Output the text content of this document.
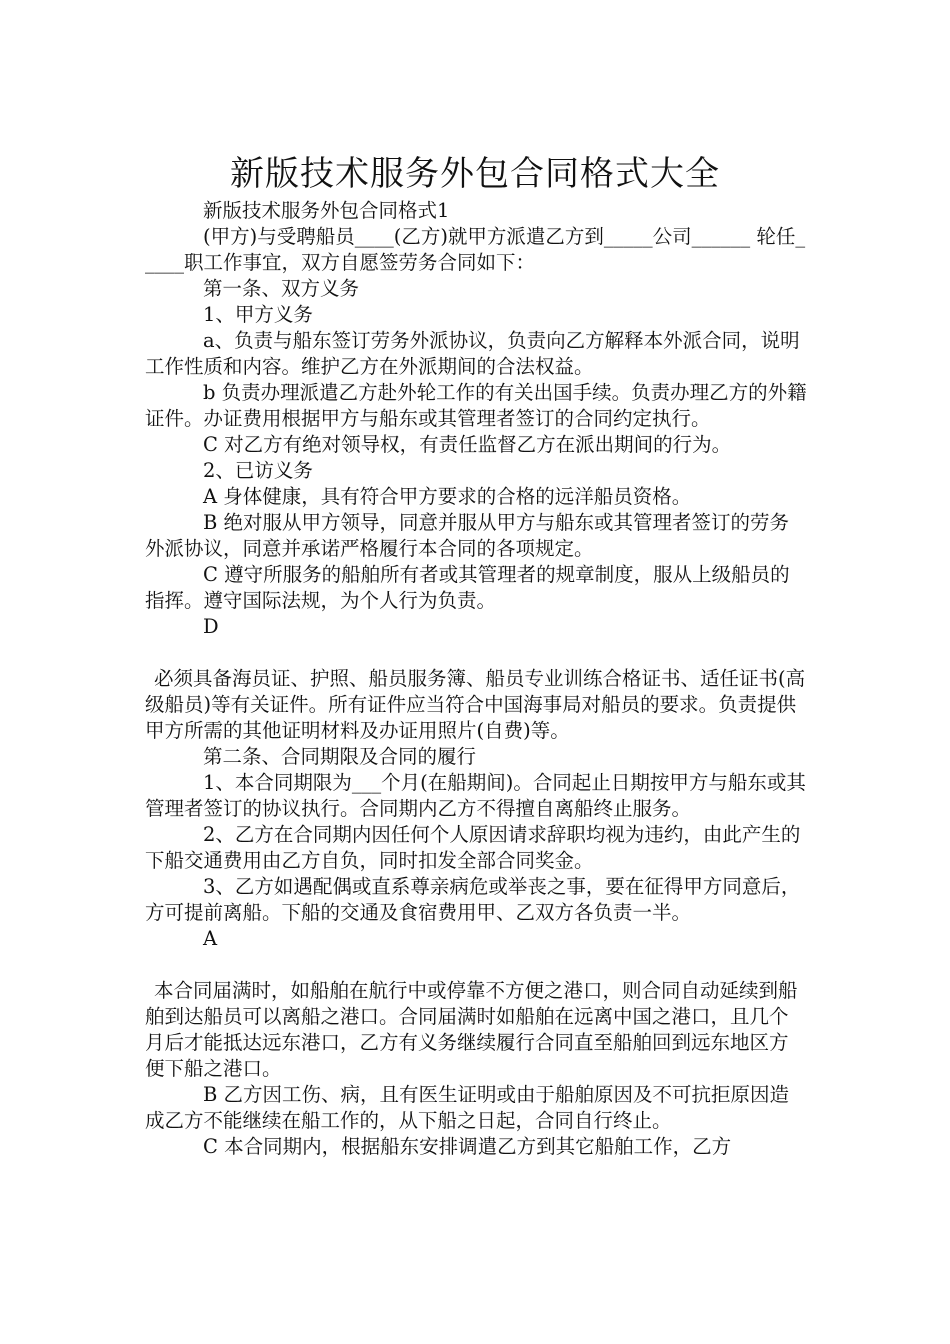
新版技术服务外包合同格式大全

新版技术服务外包合同格式1

(甲方)与受聘船员____(乙方)就甲方派遣乙方到_____公司______ 轮任_____职工作事宜，双方自愿签劳务合同如下：

第一条、双方义务

1、甲方义务

a、负责与船东签订劳务外派协议，负责向乙方解释本外派合同，说明工作性质和内容。维护乙方在外派期间的合法权益。

b 负责办理派遣乙方赴外轮工作的有关出国手续。负责办理乙方的外籍证件。办证费用根据甲方与船东或其管理者签订的合同约定执行。

C 对乙方有绝对领导权，有责任监督乙方在派出期间的行为。

2、已访义务

A 身体健康，具有符合甲方要求的合格的远洋船员资格。

B 绝对服从甲方领导，同意并服从甲方与船东或其管理者签订的劳务外派协议，同意并承诺严格履行本合同的各项规定。

C 遵守所服务的船舶所有者或其管理者的规章制度，服从上级船员的指挥。遵守国际法规，为个人行为负责。

D

必须具备海员证、护照、船员服务簿、船员专业训练合格证书、适任证书(高级船员)等有关证件。所有证件应当符合中国海事局对船员的要求。负责提供甲方所需的其他证明材料及办证用照片(自费)等。

第二条、合同期限及合同的履行

1、本合同期限为___个月(在船期间)。合同起止日期按甲方与船东或其管理者签订的协议执行。合同期内乙方不得擅自离船终止服务。

2、乙方在合同期内因任何个人原因请求辞职均视为违约，由此产生的下船交通费用由乙方自负，同时扣发全部合同奖金。

3、乙方如遇配偶或直系尊亲病危或举丧之事，要在征得甲方同意后，方可提前离船。下船的交通及食宿费用甲、乙双方各负责一半。

A

本合同届满时，如船舶在航行中或停靠不方便之港口，则合同自动延续到船舶到达船员可以离船之港口。合同届满时如船舶在远离中国之港口，且几个月后才能抵达远东港口，乙方有义务继续履行合同直至船舶回到远东地区方便下船之港口。

B 乙方因工伤、病，且有医生证明或由于船舶原因及不可抗拒原因造成乙方不能继续在船工作的，从下船之日起，合同自行终止。

C 本合同期内，根据船东安排调遣乙方到其它船舶工作，乙方
